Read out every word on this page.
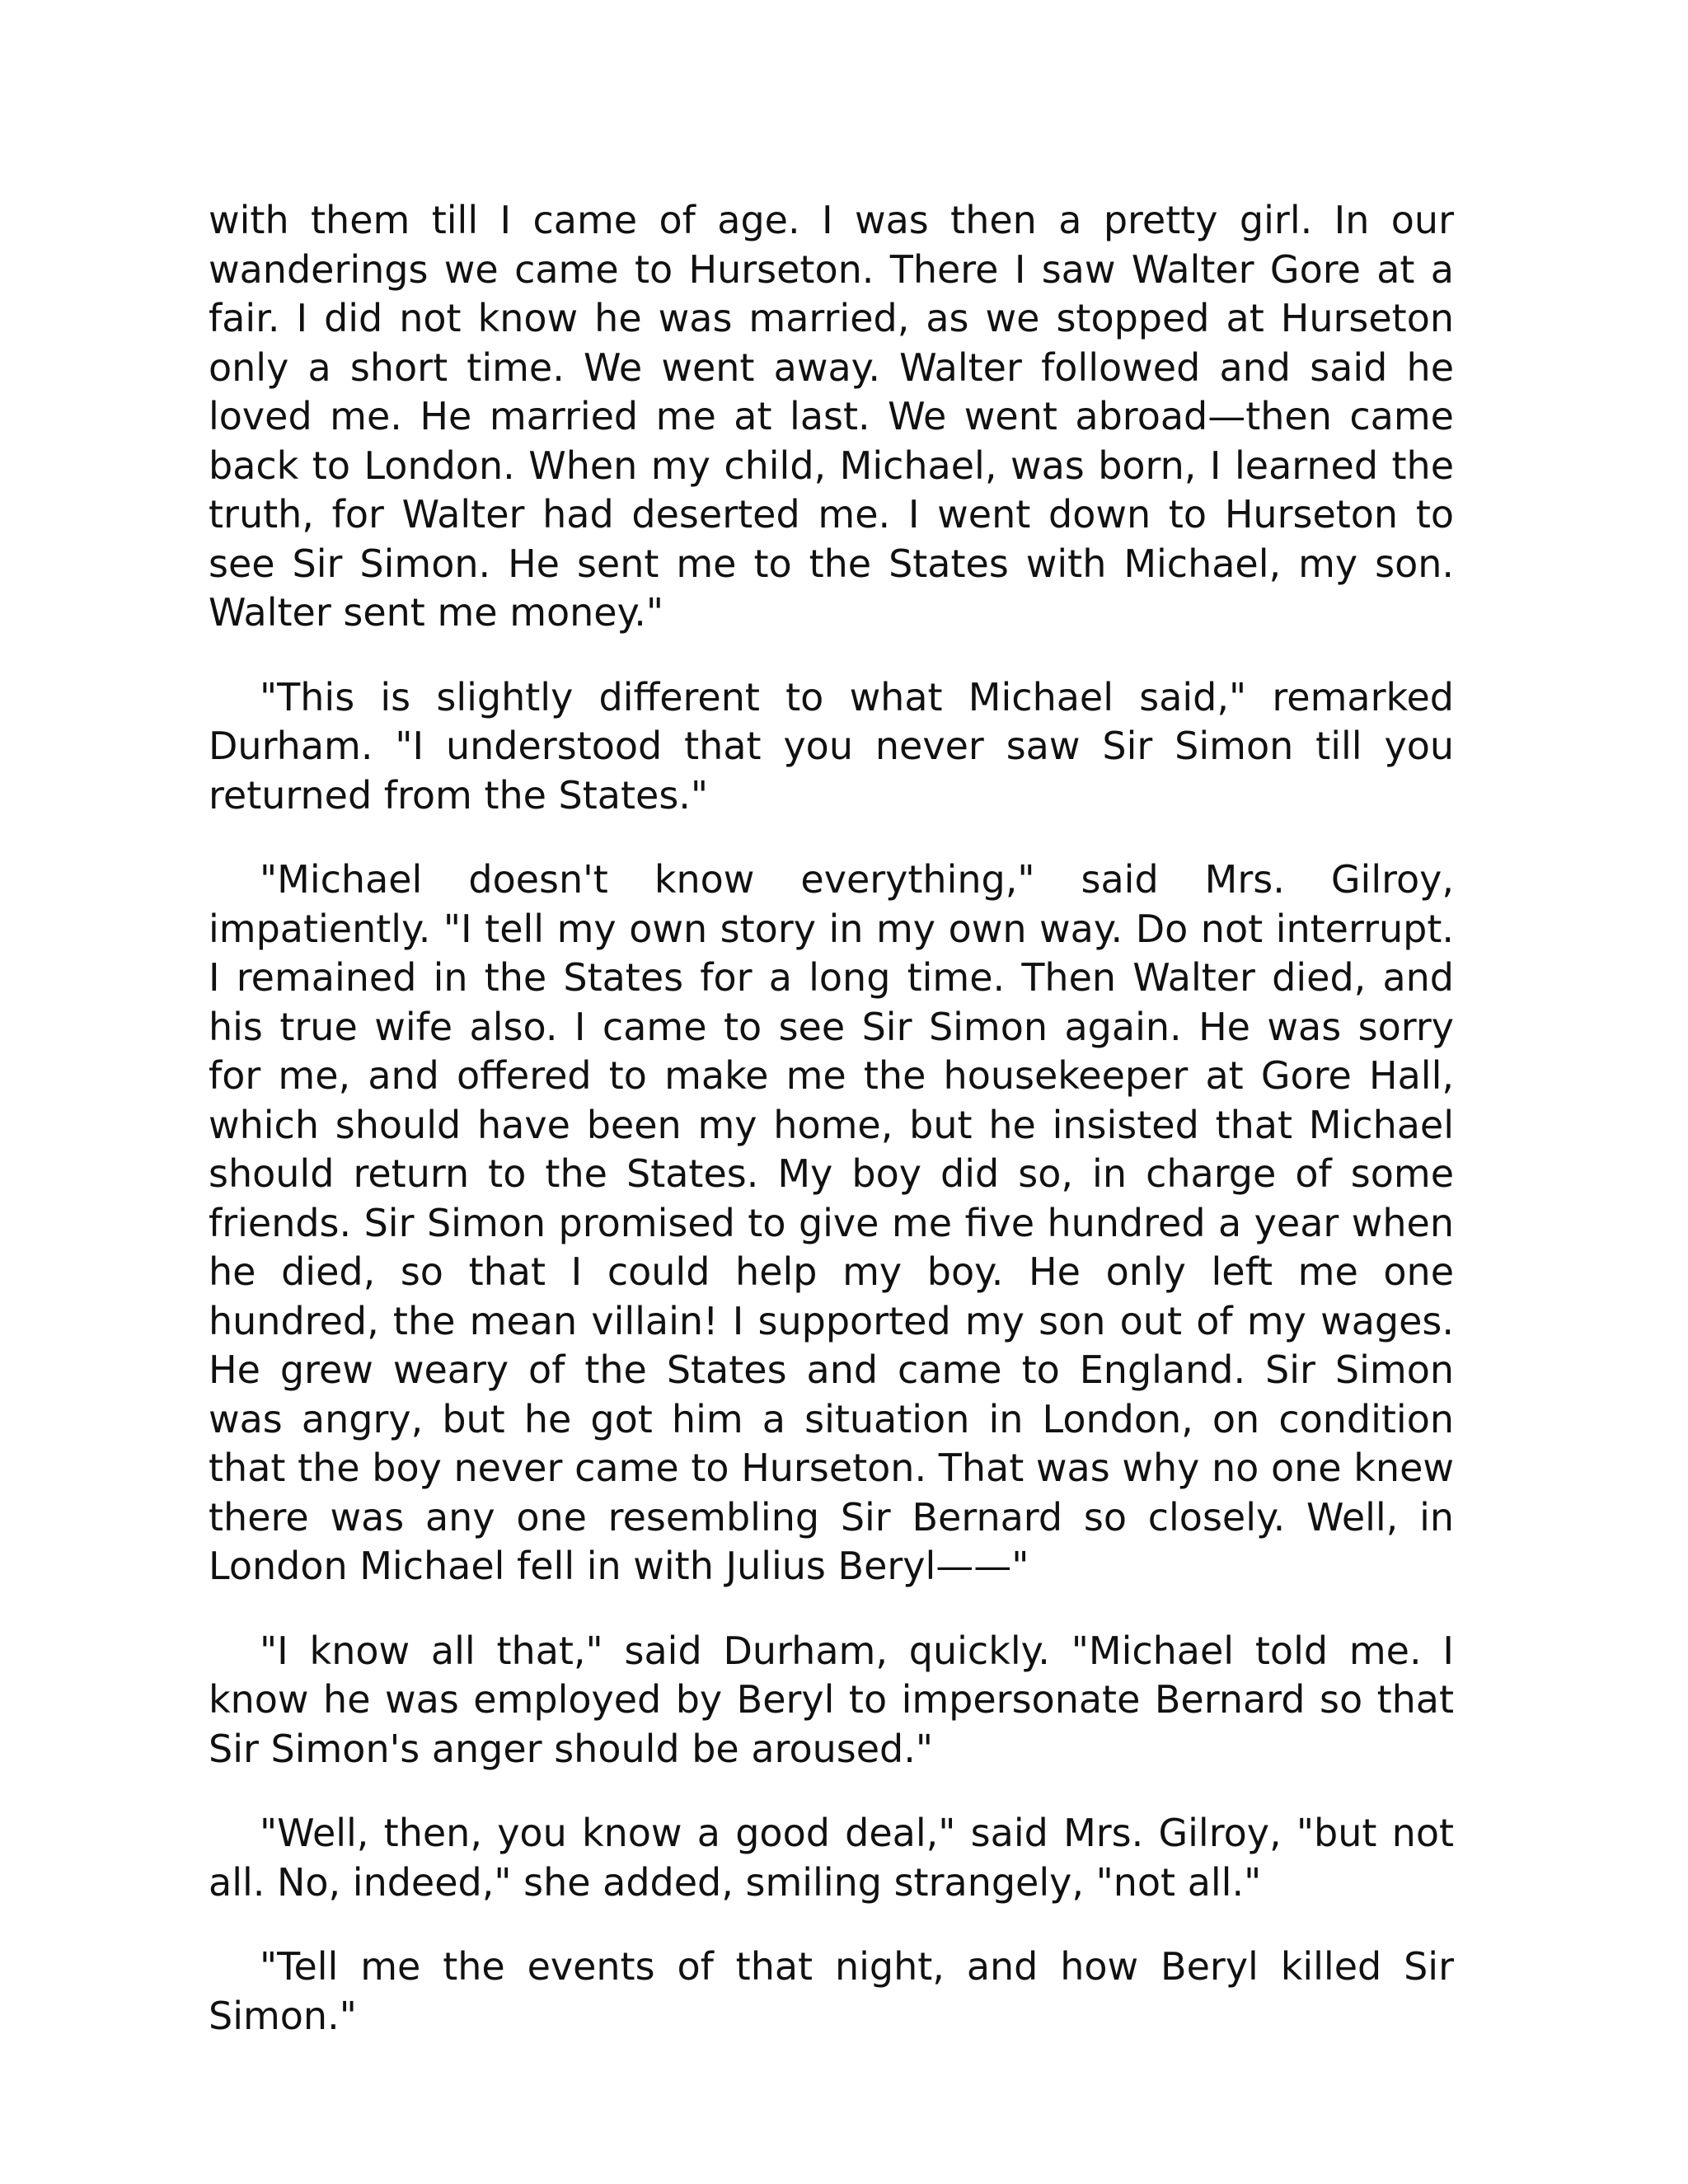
with them till I came of age. I was then a pretty girl. In our wanderings we came to Hurseton. There I saw Walter Gore at a fair. I did not know he was married, as we stopped at Hurseton only a short time. We went away. Walter followed and said he loved me. He married me at last. We went abroad—then came back to London. When my child, Michael, was born, I learned the truth, for Walter had deserted me. I went down to Hurseton to see Sir Simon. He sent me to the States with Michael, my son. Walter sent me money."

"This is slightly different to what Michael said," remarked Durham. "I understood that you never saw Sir Simon till you returned from the States."

"Michael doesn't know everything," said Mrs. Gilroy, impatiently. "I tell my own story in my own way. Do not interrupt. I remained in the States for a long time. Then Walter died, and his true wife also. I came to see Sir Simon again. He was sorry for me, and offered to make me the housekeeper at Gore Hall, which should have been my home, but he insisted that Michael should return to the States. My boy did so, in charge of some friends. Sir Simon promised to give me five hundred a year when he died, so that I could help my boy. He only left me one hundred, the mean villain! I supported my son out of my wages. He grew weary of the States and came to England. Sir Simon was angry, but he got him a situation in London, on condition that the boy never came to Hurseton. That was why no one knew there was any one resembling Sir Bernard so closely. Well, in London Michael fell in with Julius Beryl——"

"I know all that," said Durham, quickly. "Michael told me. I know he was employed by Beryl to impersonate Bernard so that Sir Simon's anger should be aroused."

"Well, then, you know a good deal," said Mrs. Gilroy, "but not all. No, indeed," she added, smiling strangely, "not all."

"Tell me the events of that night, and how Beryl killed Sir Simon."
